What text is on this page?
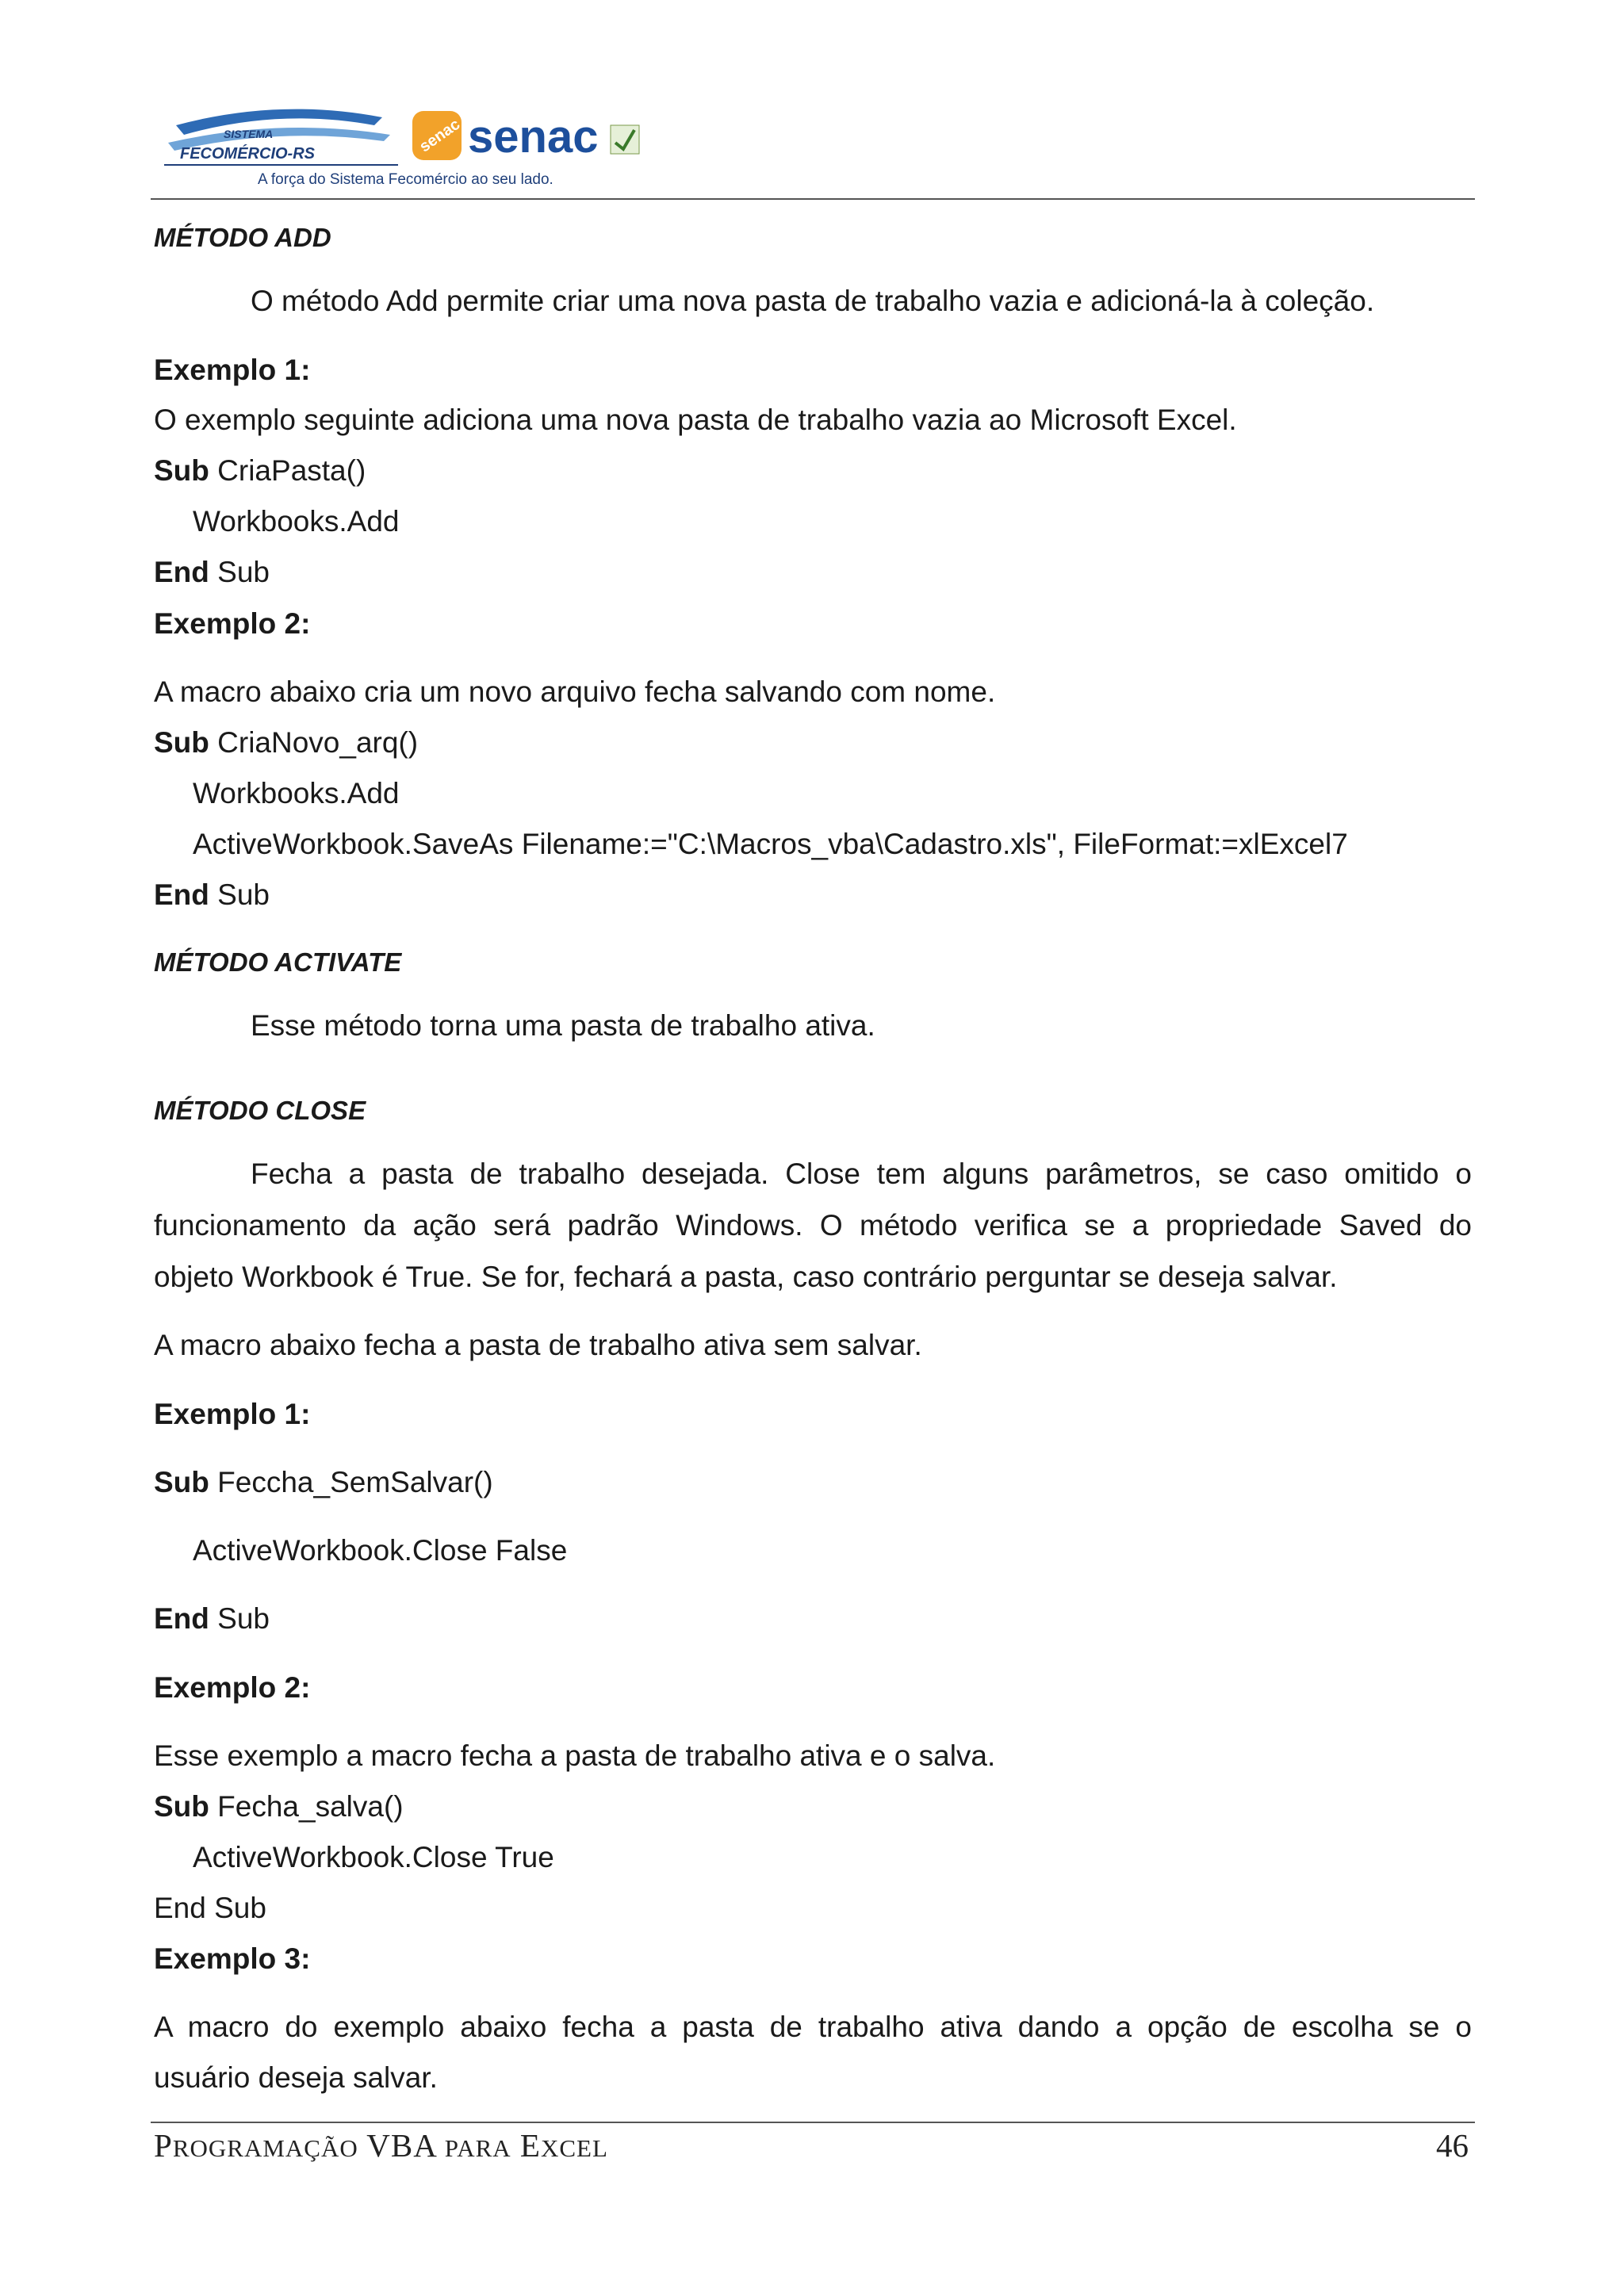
SISTEMA
FECOMÉRCIO-RS	senac senac
A força do Sistema Fecomércio ao seu lado.
MÉTODO ADD
O método Add permite criar uma nova pasta de trabalho vazia e adicioná-la à coleção.
Exemplo 1:
O exemplo seguinte adiciona uma nova pasta de trabalho vazia ao Microsoft Excel.
Sub CriaPasta()
Workbooks.Add
End Sub
Exemplo 2:
A macro abaixo cria um novo arquivo fecha salvando com nome.
Sub CriaNovo_arq()
Workbooks.Add
ActiveWorkbook.SaveAs Filename:="C:\Macros_vba\Cadastro.xls", FileFormat:=xlExcel7
End Sub
MÉTODO ACTIVATE
Esse método torna uma pasta de trabalho ativa.
MÉTODO CLOSE
Fecha a pasta de trabalho desejada. Close tem alguns parâmetros, se caso omitido o
funcionamento da ação será padrão Windows. O método verifica se a propriedade Saved do
objeto Workbook é True. Se for, fechará a pasta, caso contrário perguntar se deseja salvar.
A macro abaixo fecha a pasta de trabalho ativa sem salvar.
Exemplo 1:
Sub Feccha_SemSalvar()
ActiveWorkbook.Close False
End Sub
Exemplo 2:
Esse exemplo a macro fecha a pasta de trabalho ativa e o salva.
Sub Fecha_salva()
ActiveWorkbook.Close True
End Sub
Exemplo 3:
A macro do exemplo abaixo fecha a pasta de trabalho ativa dando a opção de escolha se o
usuário deseja salvar.
PROGRAMAÇÃO VBA PARA EXCEL	46
